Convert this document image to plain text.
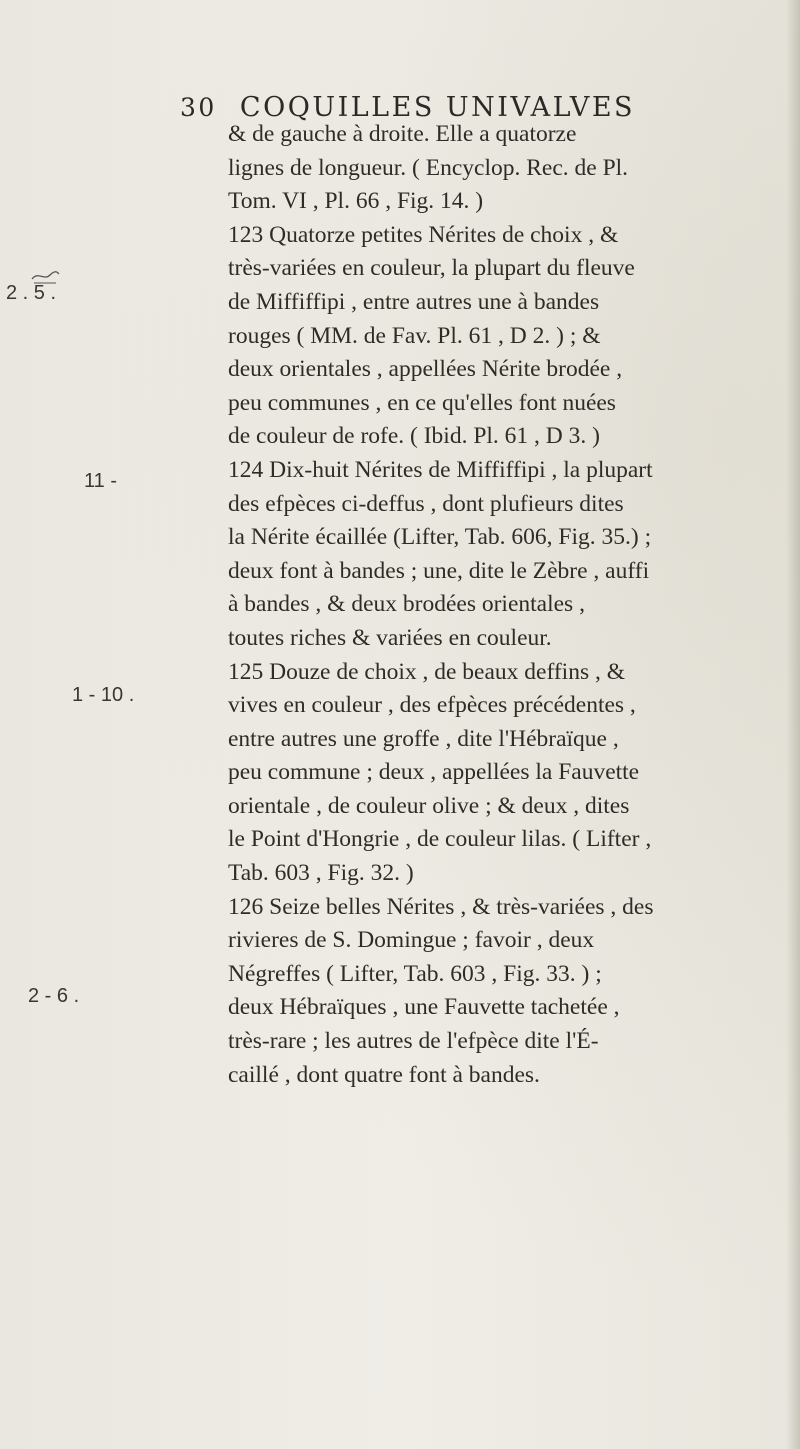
30 COQUILLES UNIVALVES
2 . 5 .
11 -
1 - 10 .
2 - 6 .
& de gauche à droite. Elle a quatorze
lignes de longueur. ( Encyclop. Rec. de Pl.
Tom. VI , Pl. 66 , Fig. 14. )
123 Quatorze petites Nérites de choix , &
très-variées en couleur, la plupart du fleuve
de Miffiffipi , entre autres une à bandes
rouges ( MM. de Fav. Pl. 61 , D 2. ) ; &
deux orientales , appellées Nérite brodée ,
peu communes , en ce qu'elles font nuées
de couleur de rofe. ( Ibid. Pl. 61 , D 3. )
124 Dix-huit Nérites de Miffiffipi , la plupart
des efpèces ci-deffus , dont plufieurs dites
la Nérite écaillée (Lifter, Tab. 606, Fig. 35.) ;
deux font à bandes ; une, dite le Zèbre , auffi
à bandes , & deux brodées orientales ,
toutes riches & variées en couleur.
125 Douze de choix , de beaux deffins , &
vives en couleur , des efpèces précédentes ,
entre autres une groffe , dite l'Hébraïque ,
peu commune ; deux , appellées la Fauvette
orientale , de couleur olive ; & deux , dites
le Point d'Hongrie , de couleur lilas. ( Lifter ,
Tab. 603 , Fig. 32. )
126 Seize belles Nérites , & très-variées , des
rivieres de S. Domingue ; favoir , deux
Négreffes ( Lifter, Tab. 603 , Fig. 33. ) ;
deux Hébraïques , une Fauvette tachetée ,
très-rare ; les autres de l'efpèce dite l'É-
caillé , dont quatre font à bandes.
